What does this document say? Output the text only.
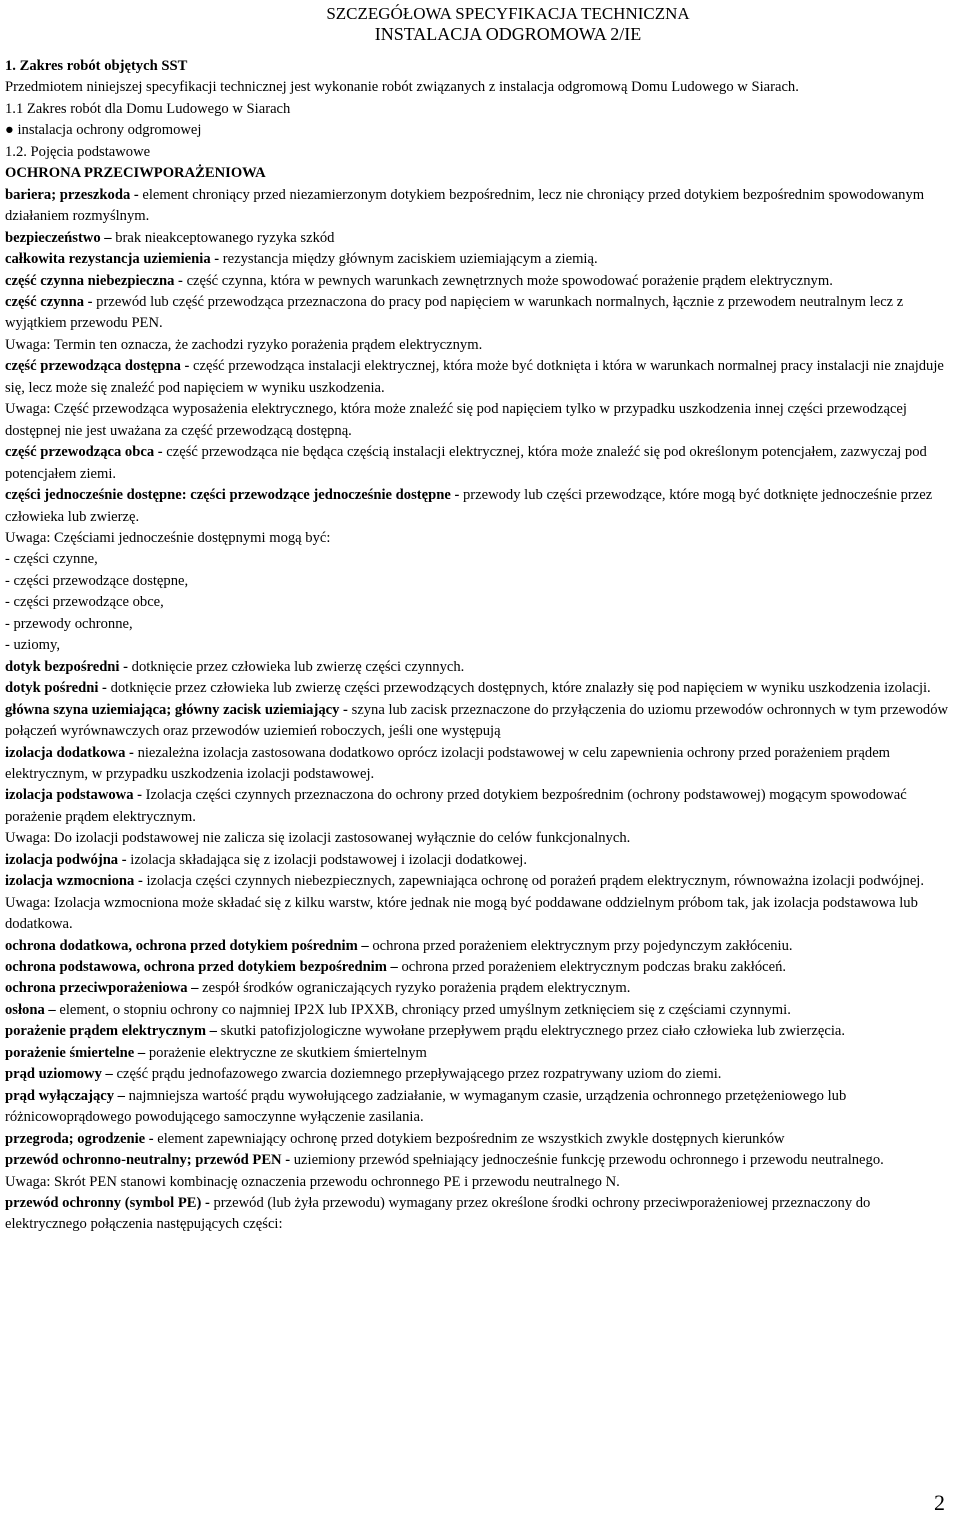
SZCZEGÓŁOWA SPECYFIKACJA TECHNICZNA
INSTALACJA ODGROMOWA 2/IE

1. Zakres robót objętych SST

Przedmiotem niniejszej specyfikacji technicznej jest wykonanie robót związanych z instalacja odgromową Domu Ludowego w Siarach.

1.1 Zakres robót dla Domu Ludowego w Siarach

● instalacja ochrony odgromowej

1.2. Pojęcia podstawowe

OCHRONA PRZECIWPORAŻENIOWA

bariera; przeszkoda - element chroniący przed niezamierzonym dotykiem bezpośrednim, lecz nie chroniący przed dotykiem bezpośrednim spowodowanym działaniem rozmyślnym.

bezpieczeństwo – brak nieakceptowanego ryzyka szkód

całkowita rezystancja uziemienia - rezystancja między głównym zaciskiem uziemiającym a ziemią.

część czynna niebezpieczna - część czynna, która w pewnych warunkach zewnętrznych może spowodować porażenie prądem elektrycznym.

część czynna - przewód lub część przewodząca przeznaczona do pracy pod napięciem w warunkach normalnych, łącznie z przewodem neutralnym lecz z wyjątkiem przewodu PEN.

Uwaga: Termin ten oznacza, że zachodzi ryzyko porażenia prądem elektrycznym.

część przewodząca dostępna - część przewodząca instalacji elektrycznej, która może być dotknięta i która w warunkach normalnej pracy instalacji nie znajduje się, lecz może się znaleźć pod napięciem w wyniku uszkodzenia.

Uwaga: Część przewodząca wyposażenia elektrycznego, która może znaleźć się pod napięciem tylko w przypadku uszkodzenia innej części przewodzącej dostępnej nie jest uważana za część przewodzącą dostępną.

część przewodząca obca - część przewodząca nie będąca częścią instalacji elektrycznej, która może znaleźć się pod określonym potencjałem, zazwyczaj pod potencjałem ziemi.

części jednocześnie dostępne: części przewodzące jednocześnie dostępne - przewody lub części przewodzące, które mogą być dotknięte jednocześnie przez człowieka lub zwierzę.

Uwaga: Częściami jednocześnie dostępnymi mogą być:

- części czynne,

- części przewodzące dostępne,

- części przewodzące obce,

- przewody ochronne,

- uziomy,

dotyk bezpośredni - dotknięcie przez człowieka lub zwierzę części czynnych.

dotyk pośredni - dotknięcie przez człowieka lub zwierzę części przewodzących dostępnych, które znalazły się pod napięciem w wyniku uszkodzenia izolacji.

główna szyna uziemiająca; główny zacisk uziemiający - szyna lub zacisk przeznaczone do przyłączenia do uziomu przewodów ochronnych w tym przewodów połączeń wyrównawczych oraz przewodów uziemień roboczych, jeśli one występują

izolacja dodatkowa - niezależna izolacja zastosowana dodatkowo oprócz izolacji podstawowej w celu zapewnienia ochrony przed porażeniem prądem elektrycznym, w przypadku uszkodzenia izolacji podstawowej.

izolacja podstawowa - Izolacja części czynnych przeznaczona do ochrony przed dotykiem bezpośrednim (ochrony podstawowej) mogącym spowodować porażenie prądem elektrycznym.

Uwaga: Do izolacji podstawowej nie zalicza się izolacji zastosowanej wyłącznie do celów funkcjonalnych.

izolacja podwójna - izolacja składająca się z izolacji podstawowej i izolacji dodatkowej.

izolacja wzmocniona - izolacja części czynnych niebezpiecznych, zapewniająca ochronę od porażeń prądem elektrycznym, równoważna izolacji podwójnej.

Uwaga: Izolacja wzmocniona może składać się z kilku warstw, które jednak nie mogą być poddawane oddzielnym próbom tak, jak izolacja podstawowa lub dodatkowa.

ochrona dodatkowa, ochrona przed dotykiem pośrednim – ochrona przed porażeniem elektrycznym przy pojedynczym zakłóceniu.

ochrona podstawowa, ochrona przed dotykiem bezpośrednim – ochrona przed porażeniem elektrycznym podczas braku zakłóceń.

ochrona przeciwporażeniowa – zespół środków ograniczających ryzyko porażenia prądem elektrycznym.

osłona – element, o stopniu ochrony co najmniej IP2X lub IPXXB, chroniący przed umyślnym zetknięciem się z częściami czynnymi.

porażenie prądem elektrycznym – skutki patofizjologiczne wywołane przepływem prądu elektrycznego przez ciało człowieka lub zwierzęcia.

porażenie śmiertelne – porażenie elektryczne ze skutkiem śmiertelnym

prąd uziomowy – część prądu jednofazowego zwarcia doziemnego przepływającego przez rozpatrywany uziom do ziemi.

prąd wyłączający – najmniejsza wartość prądu wywołującego zadziałanie, w wymaganym czasie, urządzenia ochronnego przetężeniowego lub różnicowoprądowego powodującego samoczynne wyłączenie zasilania.

przegroda; ogrodzenie - element zapewniający ochronę przed dotykiem bezpośrednim ze wszystkich zwykle dostępnych kierunków

przewód ochronno-neutralny; przewód PEN - uziemiony przewód spełniający jednocześnie funkcję przewodu ochronnego i przewodu neutralnego.

Uwaga: Skrót PEN stanowi kombinację oznaczenia przewodu ochronnego PE i przewodu neutralnego N.

przewód ochronny (symbol PE) - przewód (lub żyła przewodu) wymagany przez określone środki ochrony przeciwporażeniowej przeznaczony do elektrycznego połączenia następujących części:

2
